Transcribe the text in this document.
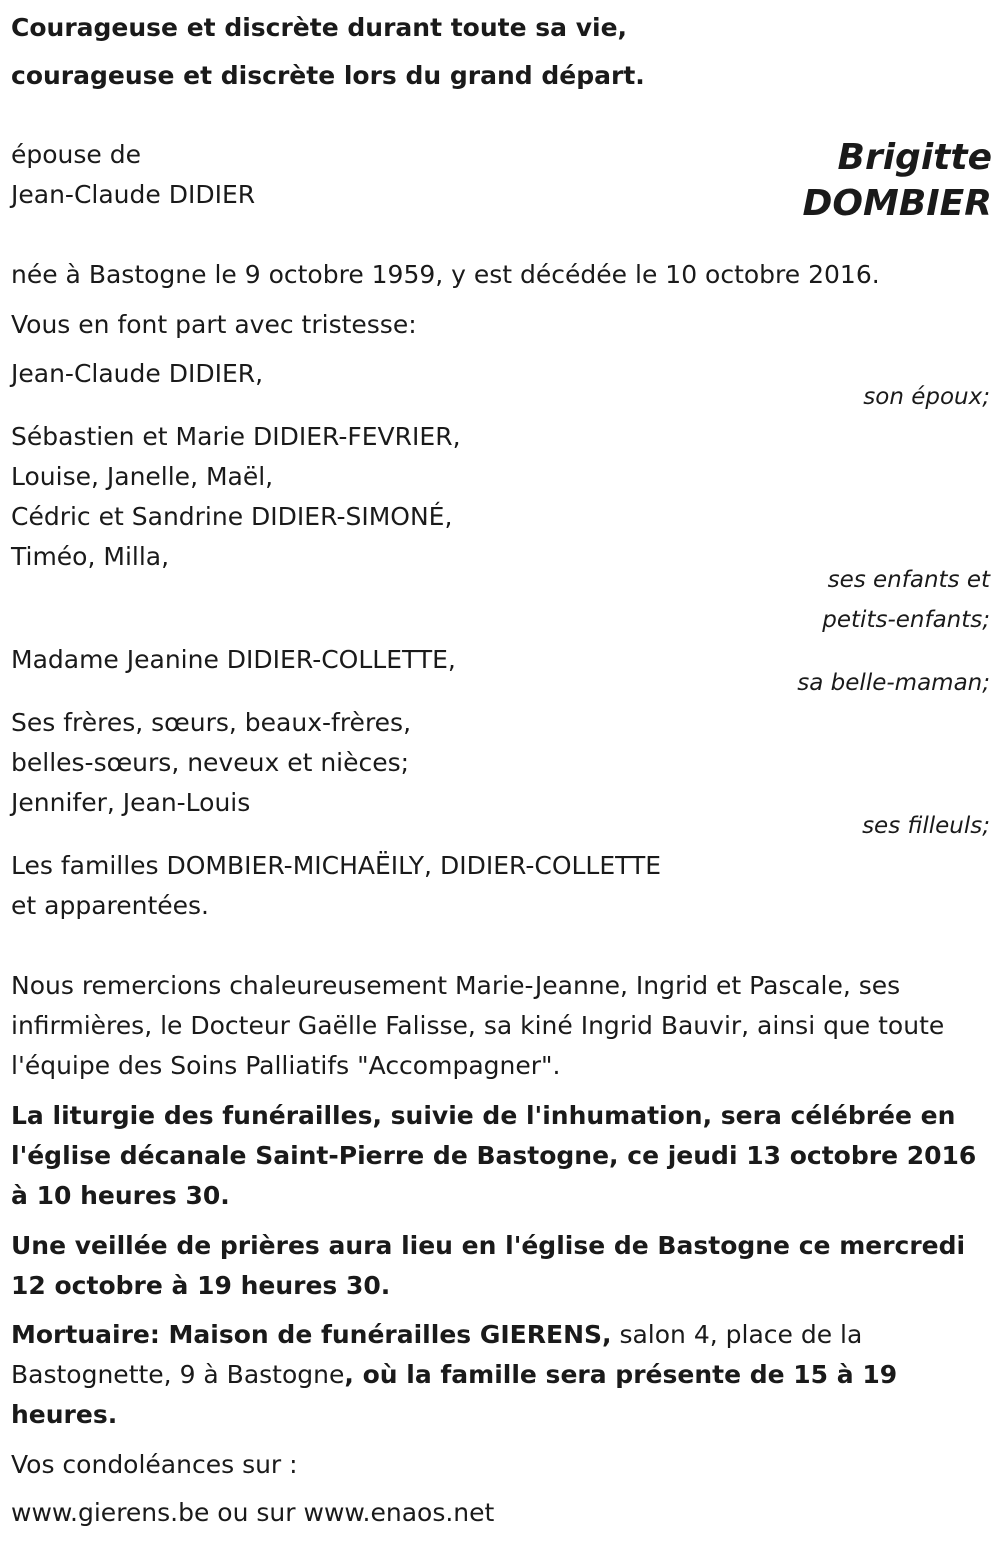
Courageuse et discrète durant toute sa vie,
courageuse et discrète lors du grand départ.
épouse de
Jean-Claude DIDIER
Brigitte
DOMBIER
née à Bastogne le 9 octobre 1959, y est décédée le 10 octobre 2016.
Vous en font part avec tristesse:
Jean-Claude DIDIER,
son époux;
Sébastien et Marie DIDIER-FEVRIER,
Louise, Janelle, Maël,
Cédric et Sandrine DIDIER-SIMONÉ,
Timéo, Milla,
ses enfants et
petits-enfants;
Madame Jeanine DIDIER-COLLETTE,
sa belle-maman;
Ses frères, sœurs, beaux-frères,
belles-sœurs, neveux et nièces;
Jennifer, Jean-Louis
ses filleuls;
Les familles DOMBIER-MICHAËILY, DIDIER-COLLETTE
et apparentées.
Nous remercions chaleureusement Marie-Jeanne, Ingrid et Pascale, ses infirmières, le Docteur Gaëlle Falisse, sa kiné Ingrid Bauvir, ainsi que toute l'équipe des Soins Palliatifs "Accompagner".
La liturgie des funérailles, suivie de l'inhumation, sera célébrée en l'église décanale Saint-Pierre de Bastogne, ce jeudi 13 octobre 2016 à 10 heures 30.
Une veillée de prières aura lieu en l'église de Bastogne ce mercredi 12 octobre à 19 heures 30.
Mortuaire: Maison de funérailles GIERENS, salon 4, place de la Bastognette, 9 à Bastogne, où la famille sera présente de 15 à 19 heures.
Vos condoléances sur :
www.gierens.be ou sur www.enaos.net
